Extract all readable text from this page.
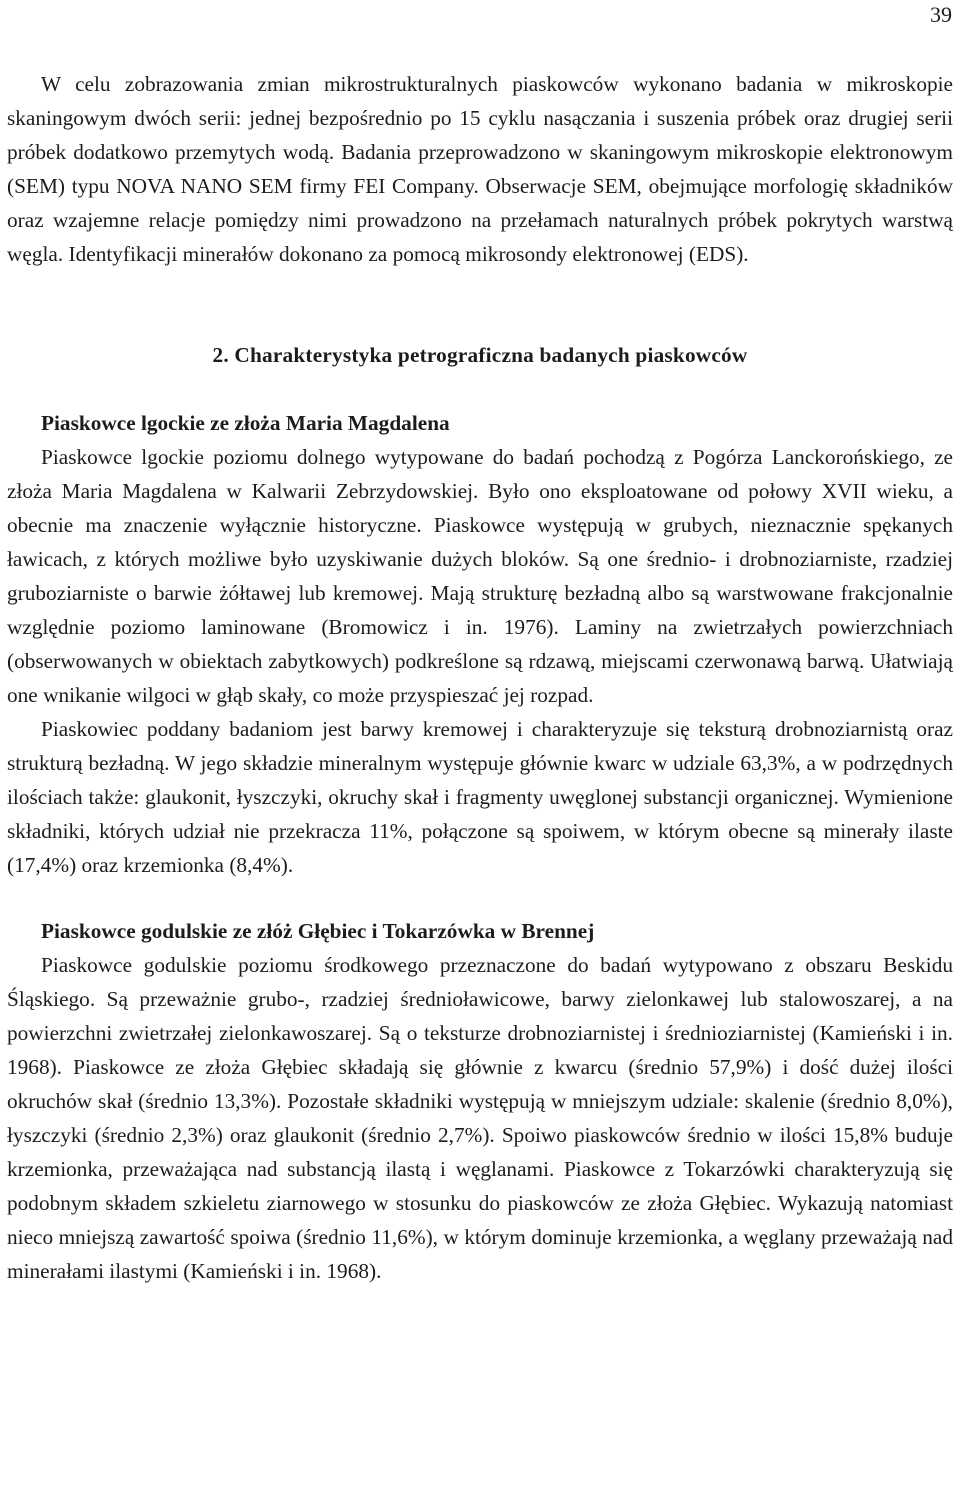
39

W celu zobrazowania zmian mikrostrukturalnych piaskowców wykonano badania w mikroskopie skaningowym dwóch serii: jednej bezpośrednio po 15 cyklu nasączania i suszenia próbek oraz drugiej serii próbek dodatkowo przemytych wodą. Badania przeprowadzono w skaningowym mikroskopie elektronowym (SEM) typu NOVA NANO SEM firmy FEI Company. Obserwacje SEM, obejmujące morfologię składników oraz wzajemne relacje pomiędzy nimi prowadzono na przełamach naturalnych próbek pokrytych warstwą węgla. Identyfikacji minerałów dokonano za pomocą mikrosondy elektronowej (EDS).

2. Charakterystyka petrograficzna badanych piaskowców
Piaskowce lgockie ze złoża Maria Magdalena

Piaskowce lgockie poziomu dolnego wytypowane do badań pochodzą z Pogórza Lanckorońskiego, ze złoża Maria Magdalena w Kalwarii Zebrzydowskiej. Było ono eksploatowane od połowy XVII wieku, a obecnie ma znaczenie wyłącznie historyczne. Piaskowce występują w grubych, nieznacznie spękanych ławicach, z których możliwe było uzyskiwanie dużych bloków. Są one średnio- i drobnoziarniste, rzadziej gruboziarniste o barwie żółtawej lub kremowej. Mają strukturę bezładną albo są warstwowane frakcjonalnie względnie poziomo laminowane (Bromowicz i in. 1976). Laminy na zwietrzałych powierzchniach (obserwowanych w obiektach zabytkowych) podkreślone są rdzawą, miejscami czerwonawą barwą. Ułatwiają one wnikanie wilgoci w głąb skały, co może przyspieszać jej rozpad.

Piaskowiec poddany badaniom jest barwy kremowej i charakteryzuje się teksturą drobnoziarnistą oraz strukturą bezładną. W jego składzie mineralnym występuje głównie kwarc w udziale 63,3%, a w podrzędnych ilościach także: glaukonit, łyszczyki, okruchy skał i fragmenty uwęglonej substancji organicznej. Wymienione składniki, których udział nie przekracza 11%, połączone są spoiwem, w którym obecne są minerały ilaste (17,4%) oraz krzemionka (8,4%).

Piaskowce godulskie ze złóż Głębiec i Tokarzówka w Brennej

Piaskowce godulskie poziomu środkowego przeznaczone do badań wytypowano z obszaru Beskidu Śląskiego. Są przeważnie grubo-, rzadziej średnioławicowe, barwy zielonkawej lub stalowoszarej, a na powierzchni zwietrzałej zielonkawoszarej. Są o teksturze drobnoziarnistej i średnioziarnistej (Kamieński i in. 1968). Piaskowce ze złoża Głębiec składają się głównie z kwarcu (średnio 57,9%) i dość dużej ilości okruchów skał (średnio 13,3%). Pozostałe składniki występują w mniejszym udziale: skalenie (średnio 8,0%), łyszczyki (średnio 2,3%) oraz glaukonit (średnio 2,7%). Spoiwo piaskowców średnio w ilości 15,8% buduje krzemionka, przeważająca nad substancją ilastą i węglanami. Piaskowce z Tokarzówki charakteryzują się podobnym składem szkieletu ziarnowego w stosunku do piaskowców ze złoża Głębiec. Wykazują natomiast nieco mniejszą zawartość spoiwa (średnio 11,6%), w którym dominuje krzemionka, a węglany przeważają nad minerałami ilastymi (Kamieński i in. 1968).
